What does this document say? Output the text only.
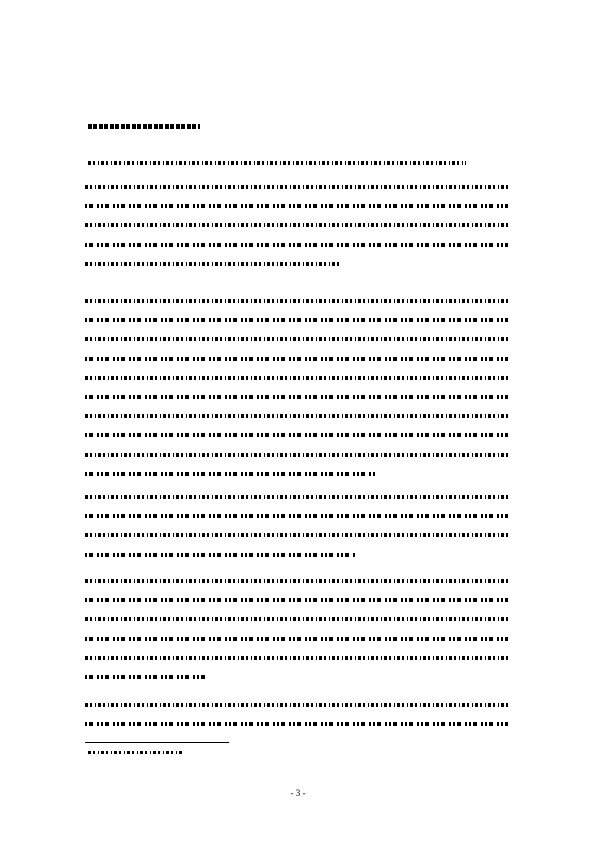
- 3 -
